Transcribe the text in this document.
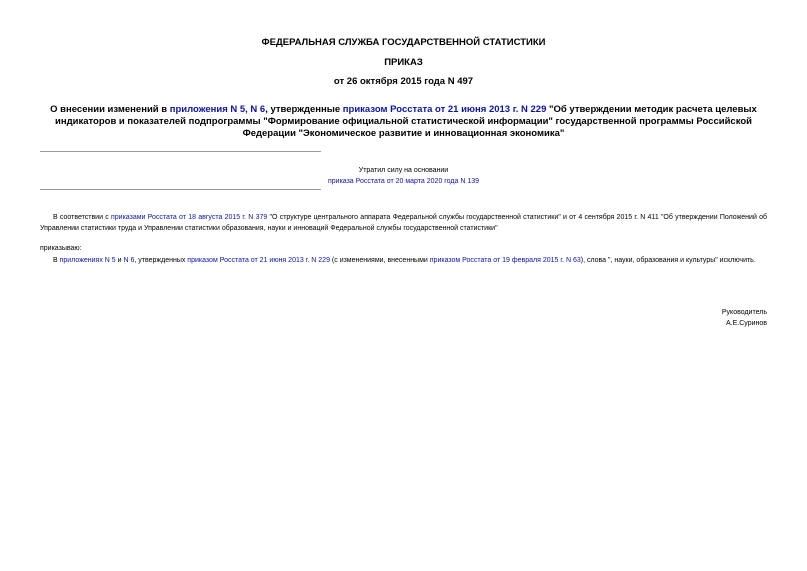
ФЕДЕРАЛЬНАЯ СЛУЖБА ГОСУДАРСТВЕННОЙ СТАТИСТИКИ
ПРИКАЗ
от 26 октября 2015 года N 497
О внесении изменений в приложения N 5, N 6, утвержденные приказом Росстата от 21 июня 2013 г. N 229 "Об утверждении методик расчета целевых индикаторов и показателей подпрограммы "Формирование официальной статистической информации" государственной программы Российской Федерации "Экономическое развитие и инновационная экономика"
Утратил силу на основании
приказа Росстата от 20 марта 2020 года N 139
В соответствии с приказами Росстата от 18 августа 2015 г. N 379 "О структуре центрального аппарата Федеральной службы государственной статистики" и от 4 сентября 2015 г. N 411 "Об утверждении Положений об Управлении статистики труда и Управлении статистики образования, науки и инноваций Федеральной службы государственной статистики"
приказываю:
В приложениях N 5 и N 6, утвержденных приказом Росстата от 21 июня 2013 г. N 229 (с изменениями, внесенными приказом Росстата от 19 февраля 2015 г. N 63), слова ", науки, образования и культуры" исключить.
Руководитель
А.Е.Суринов
